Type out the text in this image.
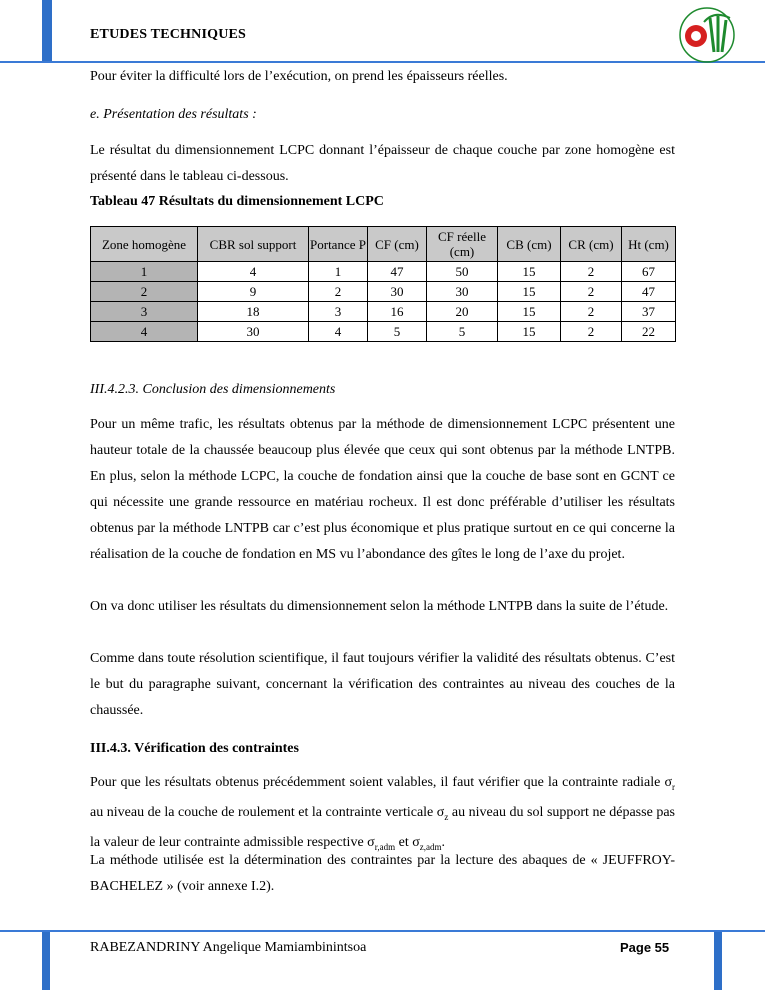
ETUDES TECHNIQUES
Pour éviter la difficulté lors de l’exécution, on prend les épaisseurs réelles.
e. Présentation des résultats :

Le résultat du dimensionnement LCPC donnant l’épaisseur de chaque couche par zone homogène est présenté dans le tableau ci-dessous.

Tableau 47 Résultats du dimensionnement LCPC
Zone homogène	CBR sol support	Portance P	CF (cm)	CF réelle (cm)	CB (cm)	CR (cm)	Ht (cm)
1	4	1	47	50	15	2	67
2	9	2	30	30	15	2	47
3	18	3	16	20	15	2	37
4	30	4	5	5	15	2	22
III.4.2.3. Conclusion des dimensionnements

Pour un même trafic, les résultats obtenus par la méthode de dimensionnement LCPC présentent une hauteur totale de la chaussée beaucoup plus élevée que ceux qui sont obtenus par la méthode LNTPB. En plus, selon la méthode LCPC, la couche de fondation ainsi que la couche de base sont en GCNT ce qui nécessite une grande ressource en matériau rocheux. Il est donc préférable d’utiliser les résultats obtenus par la méthode LNTPB car c’est plus économique et plus pratique surtout en ce qui concerne la réalisation de la couche de fondation en MS vu l’abondance des gîtes le long de l’axe du projet.

On va donc utiliser les résultats du dimensionnement selon la méthode LNTPB dans la suite de l’étude.

Comme dans toute résolution scientifique, il faut toujours vérifier la validité des résultats obtenus. C’est le but du paragraphe suivant, concernant la vérification des contraintes au niveau des couches de la chaussée.

III.4.3. Vérification des contraintes

Pour que les résultats obtenus précédemment soient valables, il faut vérifier que la contrainte radiale $\sigma_r$ au niveau de la couche de roulement et la contrainte verticale $\sigma_z$ au niveau du sol support ne dépasse pas la valeur de leur contrainte admissible respective $\sigma_{r,adm}$ et $\sigma_{z,adm}$.

La méthode utilisée est la détermination des contraintes par la lecture des abaques de « JEUFFROY-BACHELEZ » (voir annexe I.2).

RABEZANDRINY Angelique Mamiambinintsoa	Page 55
